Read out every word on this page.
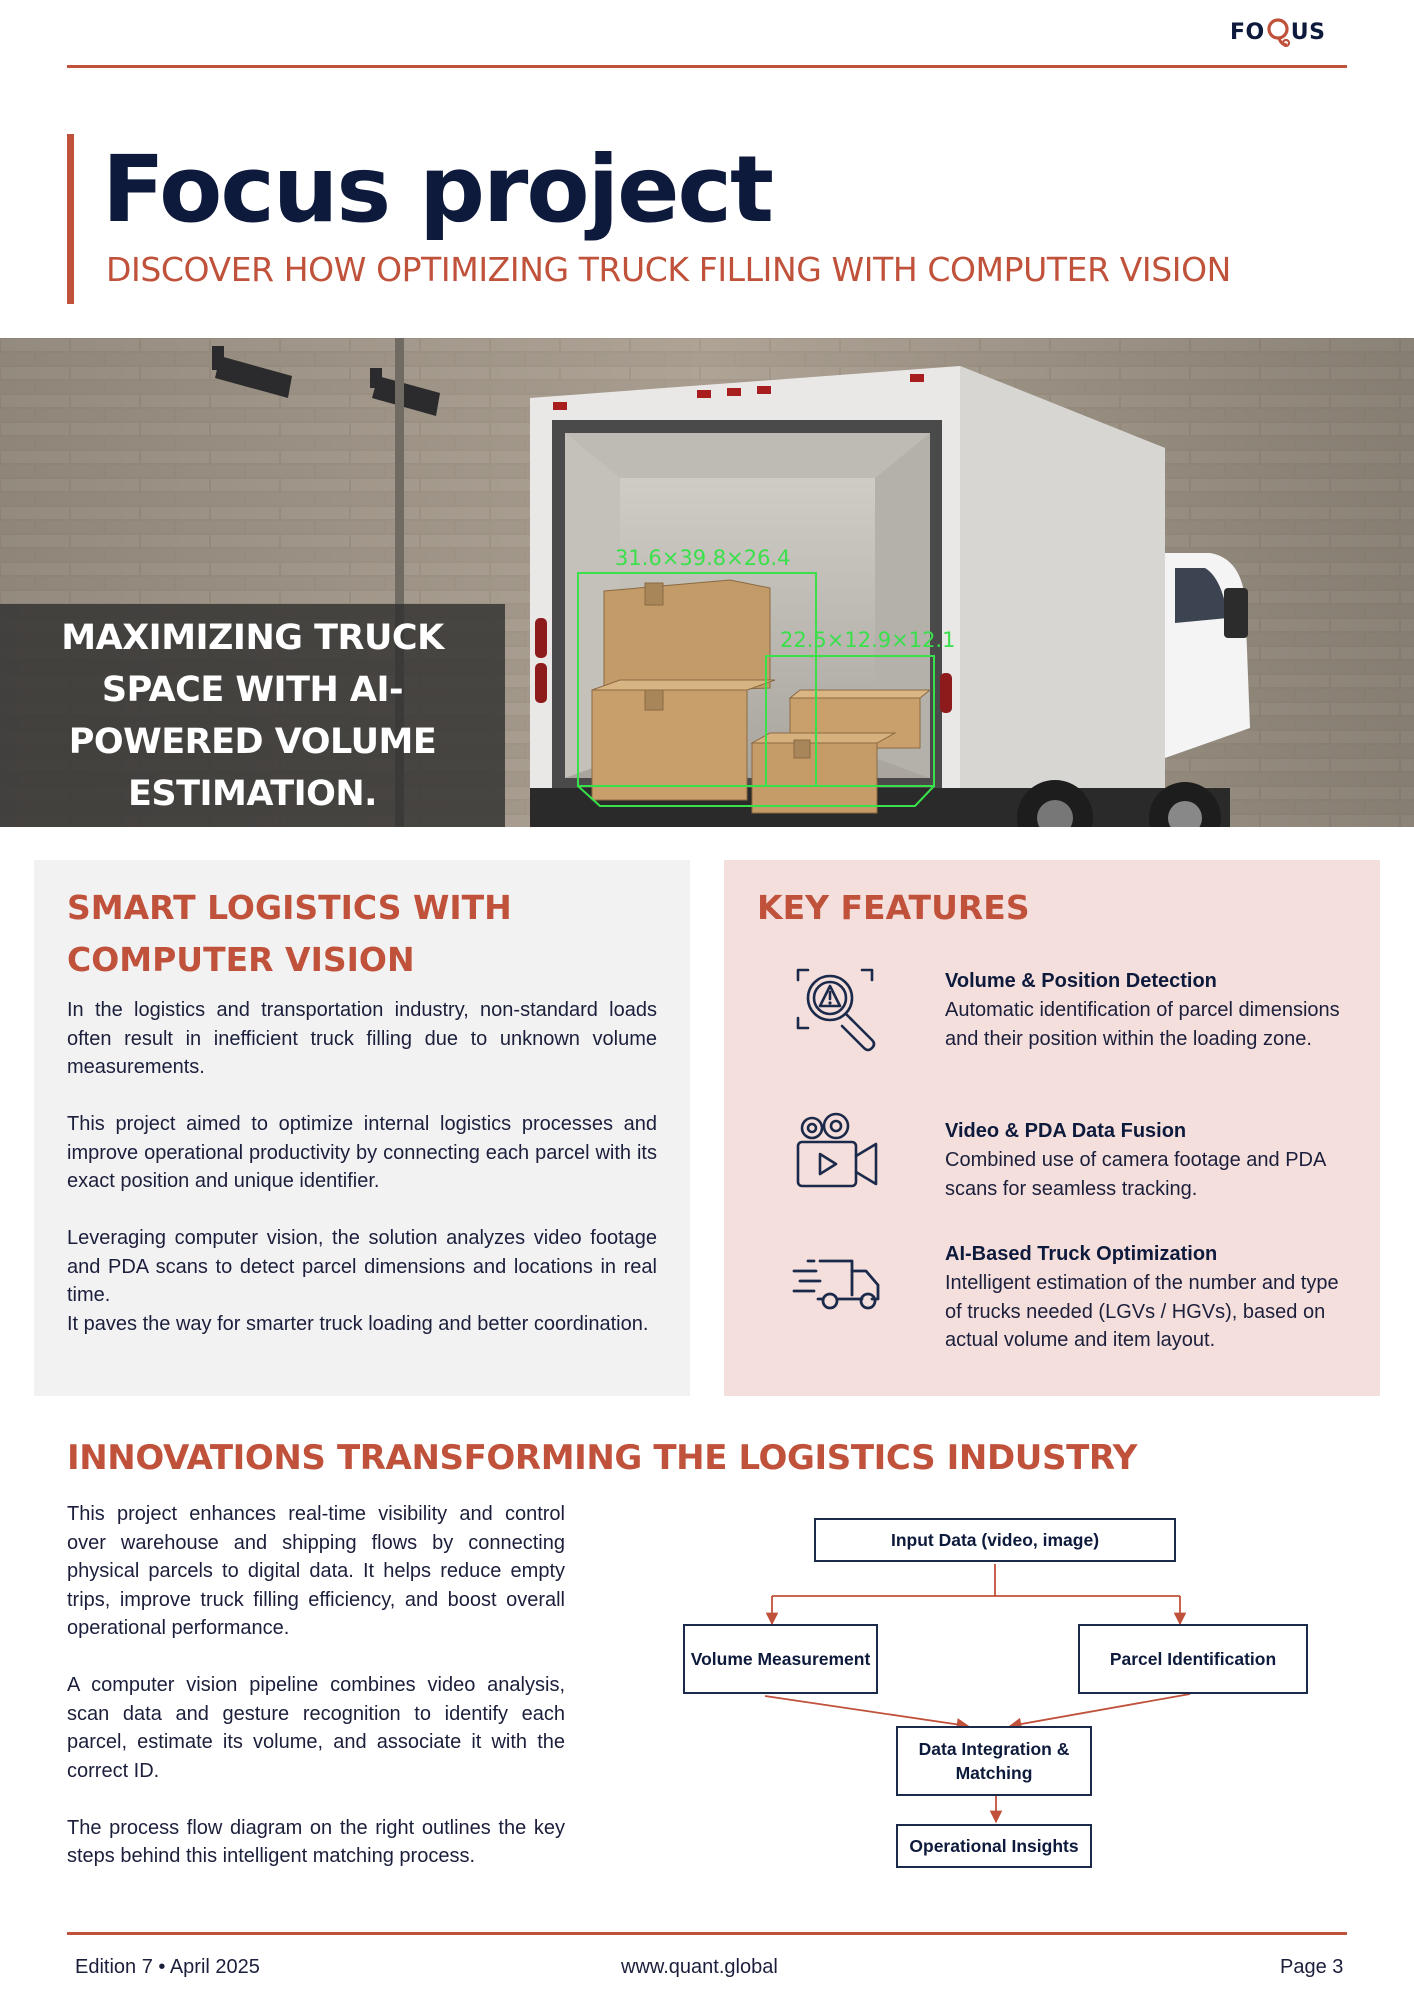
FO US
Focus project
DISCOVER HOW OPTIMIZING TRUCK FILLING WITH COMPUTER VISION
31.6×39.8×26.4
22.5×12.9×12.1
MAXIMIZING TRUCK SPACE WITH AI-POWERED VOLUME ESTIMATION.
SMART LOGISTICS WITH COMPUTER VISION

In the logistics and transportation industry, non-standard loads often result in inefficient truck filling due to unknown volume measurements.

This project aimed to optimize internal logistics processes and improve operational productivity by connecting each parcel with its exact position and unique identifier.

Leveraging computer vision, the solution analyzes video footage and PDA scans to detect parcel dimensions and locations in real time.

It paves the way for smarter truck loading and better coordination.

KEY FEATURES
Volume & Position Detection
Automatic identification of parcel dimensions and their position within the loading zone.
Video & PDA Data Fusion
Combined use of camera footage and PDA scans for seamless tracking.
AI-Based Truck Optimization
Intelligent estimation of the number and type of trucks needed (LGVs / HGVs), based on actual volume and item layout.
INNOVATIONS TRANSFORMING THE LOGISTICS INDUSTRY

This project enhances real-time visibility and control over warehouse and shipping flows by connecting physical parcels to digital data. It helps reduce empty trips, improve truck filling efficiency, and boost overall operational performance.

A computer vision pipeline combines video analysis, scan data and gesture recognition to identify each parcel, estimate its volume, and associate it with the correct ID.

The process flow diagram on the right outlines the key steps behind this intelligent matching process.

Input Data (video, image)
Volume Measurement	Parcel Identification
Data Integration & Matching
Operational Insights
Edition 7 • April 2025	www.quant.global	Page 3
